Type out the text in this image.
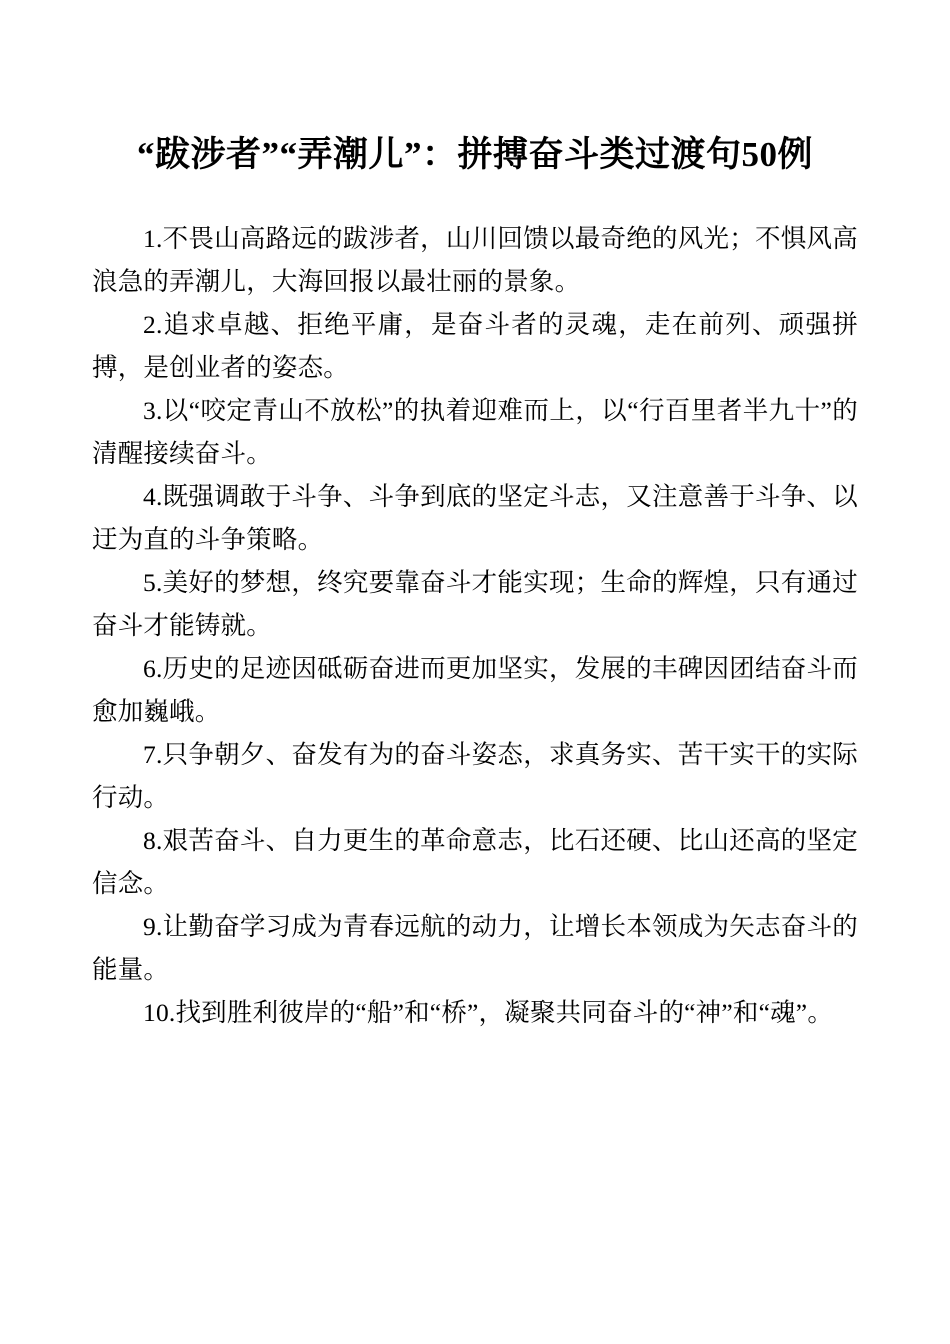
“跋涉者”“弄潮儿”：拼搏奋斗类过渡句50例

1.不畏山高路远的跋涉者，山川回馈以最奇绝的风光；不惧风高浪急的弄潮儿，大海回报以最壮丽的景象。

2.追求卓越、拒绝平庸，是奋斗者的灵魂，走在前列、顽强拼搏，是创业者的姿态。

3.以“咬定青山不放松”的执着迎难而上，以“行百里者半九十”的清醒接续奋斗。

4.既强调敢于斗争、斗争到底的坚定斗志，又注意善于斗争、以迂为直的斗争策略。

5.美好的梦想，终究要靠奋斗才能实现；生命的辉煌，只有通过奋斗才能铸就。

6.历史的足迹因砥砺奋进而更加坚实，发展的丰碑因团结奋斗而愈加巍峨。

7.只争朝夕、奋发有为的奋斗姿态，求真务实、苦干实干的实际行动。

8.艰苦奋斗、自力更生的革命意志，比石还硬、比山还高的坚定信念。

9.让勤奋学习成为青春远航的动力，让增长本领成为矢志奋斗的能量。

10.找到胜利彼岸的“船”和“桥”，凝聚共同奋斗的“神”和“魂”。
